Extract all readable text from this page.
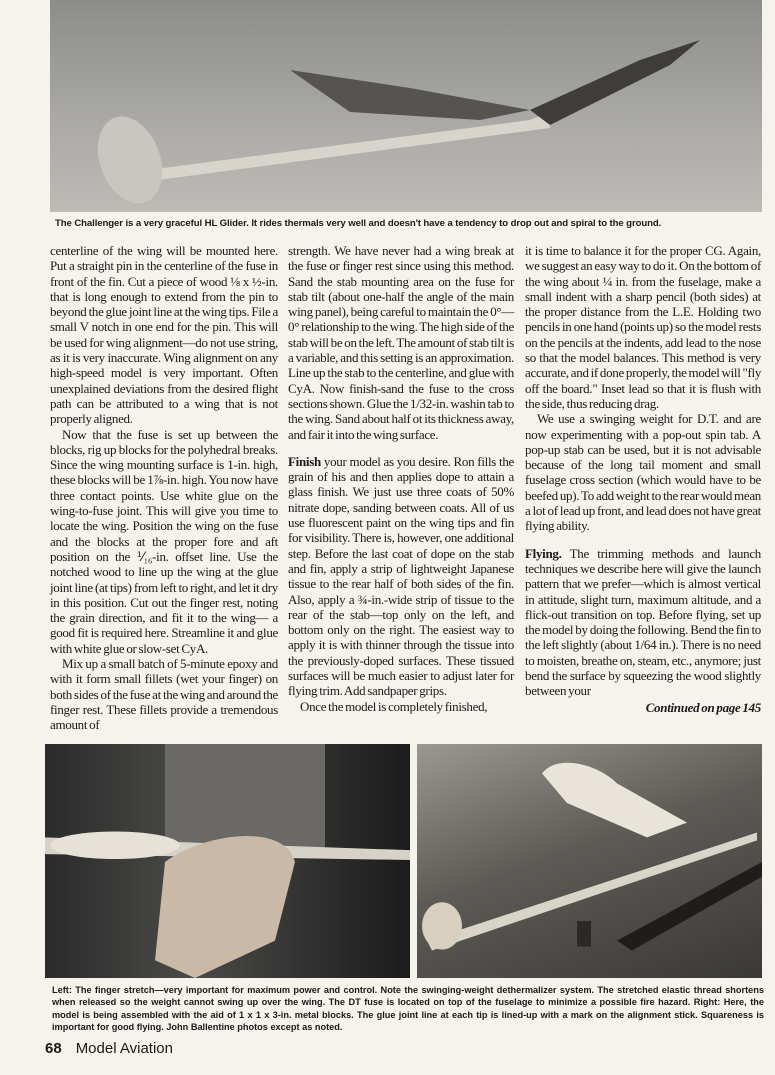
The Challenger is a very graceful HL Glider. It rides thermals very well and doesn't have a tendency to drop out and spiral to the ground.

centerline of the wing will be mounted here. Put a straight pin in the centerline of the fuse in front of the fin. Cut a piece of wood ⅛ x ½-in. that is long enough to extend from the pin to beyond the glue joint line at the wing tips. File a small V notch in one end for the pin. This will be used for wing alignment—do not use string, as it is very inaccurate. Wing alignment on any high-speed model is very important. Often unexplained deviations from the desired flight path can be attributed to a wing that is not properly aligned.

Now that the fuse is set up between the blocks, rig up blocks for the polyhedral breaks. Since the wing mounting surface is 1-in. high, these blocks will be 1⅞-in. high. You now have three contact points. Use white glue on the wing-to-fuse joint. This will give you time to locate the wing. Position the wing on the fuse and the blocks at the proper fore and aft position on the ⅟₁₆-in. offset line. Use the notched wood to line up the wing at the glue joint line (at tips) from left to right, and let it dry in this position. Cut out the finger rest, noting the grain direction, and fit it to the wing— a good fit is required here. Streamline it and glue with white glue or slow-set CyA.

Mix up a small batch of 5-minute epoxy and with it form small fillets (wet your finger) on both sides of the fuse at the wing and around the finger rest. These fillets provide a tremendous amount of

strength. We have never had a wing break at the fuse or finger rest since using this method. Sand the stab mounting area on the fuse for stab tilt (about one-half the angle of the main wing panel), being careful to maintain the 0°—0° relationship to the wing. The high side of the stab will be on the left. The amount of stab tilt is a variable, and this setting is an approximation. Line up the stab to the centerline, and glue with CyA. Now finish-sand the fuse to the cross sections shown. Glue the 1/32-in. washin tab to the wing. Sand about half ot its thickness away, and fair it into the wing surface.

Finish your model as you desire. Ron fills the grain of his and then applies dope to attain a glass finish. We just use three coats of 50% nitrate dope, sanding between coats. All of us use fluorescent paint on the wing tips and fin for visibility. There is, however, one additional step. Before the last coat of dope on the stab and fin, apply a strip of lightweight Japanese tissue to the rear half of both sides of the fin. Also, apply a ¾-in.-wide strip of tissue to the rear of the stab—top only on the left, and bottom only on the right. The easiest way to apply it is with thinner through the tissue into the previously-doped surfaces. These tissued surfaces will be much easier to adjust later for flying trim. Add sandpaper grips.

Once the model is completely finished,

it is time to balance it for the proper CG. Again, we suggest an easy way to do it. On the bottom of the wing about ¼ in. from the fuselage, make a small indent with a sharp pencil (both sides) at the proper distance from the L.E. Holding two pencils in one hand (points up) so the model rests on the pencils at the indents, add lead to the nose so that the model balances. This method is very accurate, and if done properly, the model will "fly off the board." Inset lead so that it is flush with the side, thus reducing drag.

We use a swinging weight for D.T. and are now experimenting with a pop-out spin tab. A pop-up stab can be used, but it is not advisable because of the long tail moment and small fuselage cross section (which would have to be beefed up). To add weight to the rear would mean a lot of lead up front, and lead does not have great flying ability.

Flying. The trimming methods and launch techniques we describe here will give the launch pattern that we prefer—which is almost vertical in attitude, slight turn, maximum altitude, and a flick-out transition on top. Before flying, set up the model by doing the following. Bend the fin to the left slightly (about 1/64 in.). There is no need to moisten, breathe on, steam, etc., anymore; just bend the surface by squeezing the wood slightly between your

Continued on page 145
Left: The finger stretch—very important for maximum power and control. Note the swinging-weight dethermalizer system. The stretched elastic thread shortens when released so the weight cannot swing up over the wing. The DT fuse is located on top of the fuselage to minimize a possible fire hazard. Right: Here, the model is being assembled with the aid of 1 x 1 x 3-in. metal blocks. The glue joint line at each tip is lined-up with a mark on the alignment stick. Squareness is important for good flying. John Ballentine photos except as noted.
68 Model Aviation
